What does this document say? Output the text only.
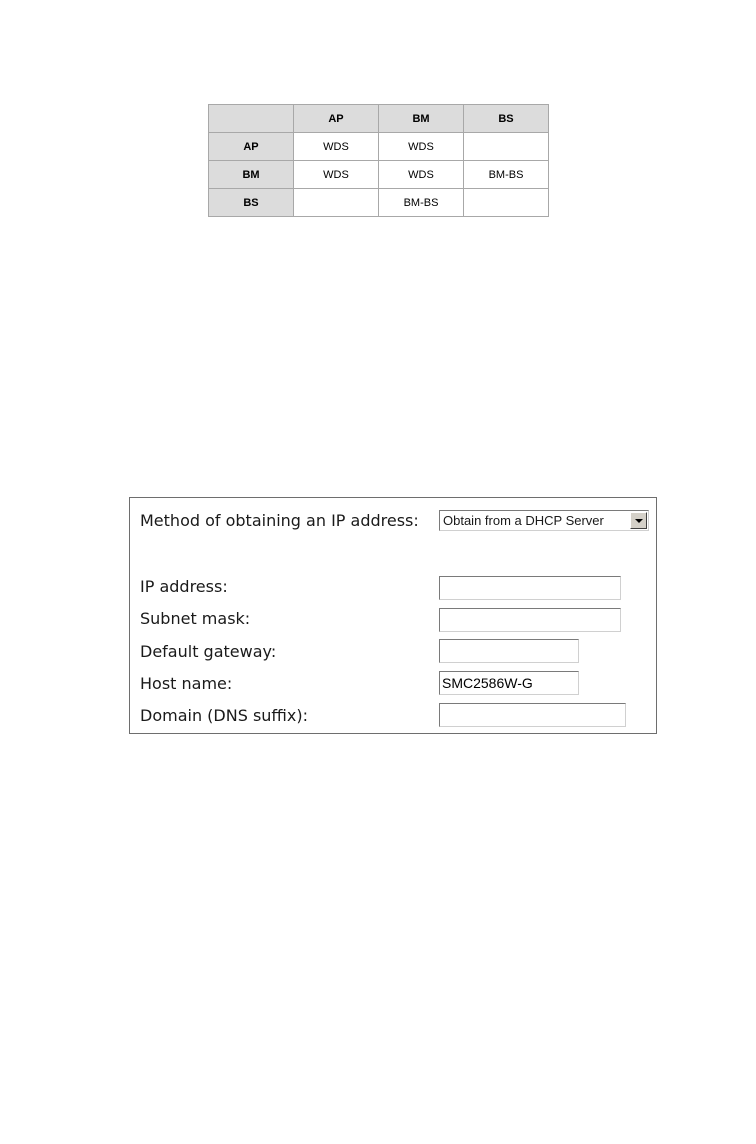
	AP	BM	BS
AP	WDS	WDS	
BM	WDS	WDS	BM-BS
BS		BM-BS	
Method of obtaining an IP address:	Obtain from a DHCP Server
IP address:
Subnet mask:
Default gateway:
Host name:	SMC2586W-G
Domain (DNS suffix):
